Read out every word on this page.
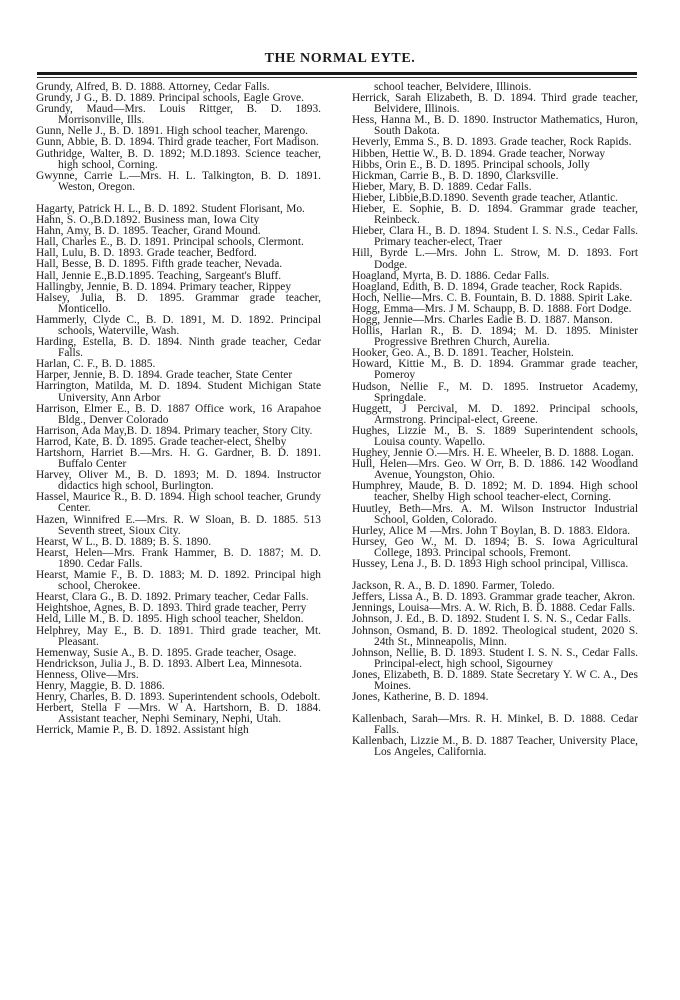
THE NORMAL EYTE.
Grundy, Alfred, B. D. 1888. Attorney, Cedar Falls.
Grundy, J G., B. D. 1889. Principal schools, Eagle Grove.
Grundy, Maud—Mrs. Louis Rittger, B. D. 1893. Morrisonville, Ills.
Gunn, Nelle J., B. D. 1891. High school teacher, Marengo.
Gunn, Abbie, B. D. 1894. Third grade teacher, Fort Madison.
Guthridge, Walter, B. D. 1892; M.D.1893. Science teacher, high school, Corning.
Gwynne, Carrie L.—Mrs. H. L. Talkington, B. D. 1891. Weston, Oregon.
Hagarty, Patrick H. L., B. D. 1892. Student Florisant, Mo.
Hahn, S. O.,B.D.1892. Business man, Iowa City
Hahn, Amy, B. D. 1895. Teacher, Grand Mound.
Hall, Charles E., B. D. 1891. Principal schools, Clermont.
Hall, Lulu, B. D. 1893. Grade teacher, Bedford.
Hall, Besse, B. D. 1895. Fifth grade teacher, Nevada.
Hall, Jennie E.,B.D.1895. Teaching, Sargeant's Bluff.
Hallingby, Jennie, B. D. 1894. Primary teacher, Rippey
Halsey, Julia, B. D. 1895. Grammar grade teacher, Monticello.
Hammerly, Clyde C., B. D. 1891, M. D. 1892. Principal schools, Waterville, Wash.
Harding, Estella, B. D. 1894. Ninth grade teacher, Cedar Falls.
Harlan, C. F., B. D. 1885.
Harper, Jennie, B. D. 1894. Grade teacher, State Center
Harrington, Matilda, M. D. 1894. Student Michigan State University, Ann Arbor
Harrison, Elmer E., B. D. 1887 Office work, 16 Arapahoe Bldg., Denver Colorado
Harrison, Ada May,B. D. 1894. Primary teacher, Story City.
Harrod, Kate, B. D. 1895. Grade teacher-elect, Shelby
Hartshorn, Harriet B.—Mrs. H. G. Gardner, B. D. 1891. Buffalo Center
Harvey, Oliver M., B. D. 1893; M. D. 1894. Instructor didactics high school, Burlington.
Hassel, Maurice R., B. D. 1894. High school teacher, Grundy Center.
Hazen, Winnifred E.—Mrs. R. W Sloan, B. D. 1885. 513 Seventh street, Sioux City.
Hearst, W L., B. D. 1889; B. S. 1890.
Hearst, Helen—Mrs. Frank Hammer, B. D. 1887; M. D. 1890. Cedar Falls.
Hearst, Mamie F., B. D. 1883; M. D. 1892. Principal high school, Cherokee.
Hearst, Clara G., B. D. 1892. Primary teacher, Cedar Falls.
Heightshoe, Agnes, B. D. 1893. Third grade teacher, Perry
Held, Lille M., B. D. 1895. High school teacher, Sheldon.
Helphrey, May E., B. D. 1891. Third grade teacher, Mt. Pleasant.
Hemenway, Susie A., B. D. 1895. Grade teacher, Osage.
Hendrickson, Julia J., B. D. 1893. Albert Lea, Minnesota.
Henness, Olive—Mrs.
Henry, Maggie, B. D. 1886.
Henry, Charles, B. D. 1893. Superintendent schools, Odebolt.
Herbert, Stella F —Mrs. W A. Hartshorn, B. D. 1884. Assistant teacher, Nephi Seminary, Nephi, Utah.
Herrick, Mamie P., B. D. 1892. Assistant high
school teacher, Belvidere, Illinois.
Herrick, Sarah Elizabeth, B. D. 1894. Third grade teacher, Belvidere, Illinois.
Hess, Hanna M., B. D. 1890. Instructor Mathematics, Huron, South Dakota.
Heverly, Emma S., B. D. 1893. Grade teacher, Rock Rapids.
Hibben, Hettie W., B. D. 1894. Grade teacher, Norway
Hibbs, Orin E., B. D. 1895. Principal schools, Jolly
Hickman, Carrie B., B. D. 1890, Clarksville.
Hieber, Mary, B. D. 1889. Cedar Falls.
Hieber, Libbie,B.D.1890. Seventh grade teacher, Atlantic.
Hieber, E. Sophie, B. D. 1894. Grammar grade teacher, Reinbeck.
Hieber, Clara H., B. D. 1894. Student I. S. N.S., Cedar Falls. Primary teacher-elect, Traer
Hill, Byrde L.—Mrs. John L. Strow, M. D. 1893. Fort Dodge.
Hoagland, Myrta, B. D. 1886. Cedar Falls.
Hoagland, Edith, B. D. 1894, Grade teacher, Rock Rapids.
Hoch, Nellie—Mrs. C. B. Fountain, B. D. 1888. Spirit Lake.
Hogg, Emma—Mrs. J M. Schaupp, B. D. 1888. Fort Dodge.
Hogg, Jennie—Mrs. Charles Eadie B. D. 1887. Manson.
Hollis, Harlan R., B. D. 1894; M. D. 1895. Minister Progressive Brethren Church, Aurelia.
Hooker, Geo. A., B. D. 1891. Teacher, Holstein.
Howard, Kittie M., B. D. 1894. Grammar grade teacher, Pomeroy
Hudson, Nellie F., M. D. 1895. Instruetor Academy, Springdale.
Huggett, J Percival, M. D. 1892. Principal schools, Armstrong. Principal-elect, Greene.
Hughes, Lizzie M., B. S. 1889 Superintendent schools, Louisa county. Wapello.
Hughey, Jennie O.—Mrs. H. E. Wheeler, B. D. 1888. Logan.
Hull, Helen—Mrs. Geo. W Orr, B. D. 1886. 142 Woodland Avenue, Youngston, Ohio.
Humphrey, Maude, B. D. 1892; M. D. 1894. High school teacher, Shelby High school teacher-elect, Corning.
Huutley, Beth—Mrs. A. M. Wilson Instructor Industrial School, Golden, Colorado.
Hurley, Alice M —Mrs. John T Boylan, B. D. 1883. Eldora.
Hursey, Geo W., M. D. 1894; B. S. Iowa Agricultural College, 1893. Principal schools, Fremont.
Hussey, Lena J., B. D. 1893 High school principal, Villisca.
Jackson, R. A., B. D. 1890. Farmer, Toledo.
Jeffers, Lissa A., B. D. 1893. Grammar grade teacher, Akron.
Jennings, Louisa—Mrs. A. W. Rich, B. D. 1888. Cedar Falls.
Johnson, J. Ed., B. D. 1892. Student I. S. N. S., Cedar Falls.
Johnson, Osmand, B. D. 1892. Theological student, 2020 S. 24th St., Minneapolis, Minn.
Johnson, Nellie, B. D. 1893. Student I. S. N. S., Cedar Falls. Principal-elect, high school, Sigourney
Jones, Elizabeth, B. D. 1889. State Secretary Y. W C. A., Des Moines.
Jones, Katherine, B. D. 1894.
Kallenbach, Sarah—Mrs. R. H. Minkel, B. D. 1888. Cedar Falls.
Kallenbach, Lizzie M., B. D. 1887 Teacher, University Place, Los Angeles, California.
